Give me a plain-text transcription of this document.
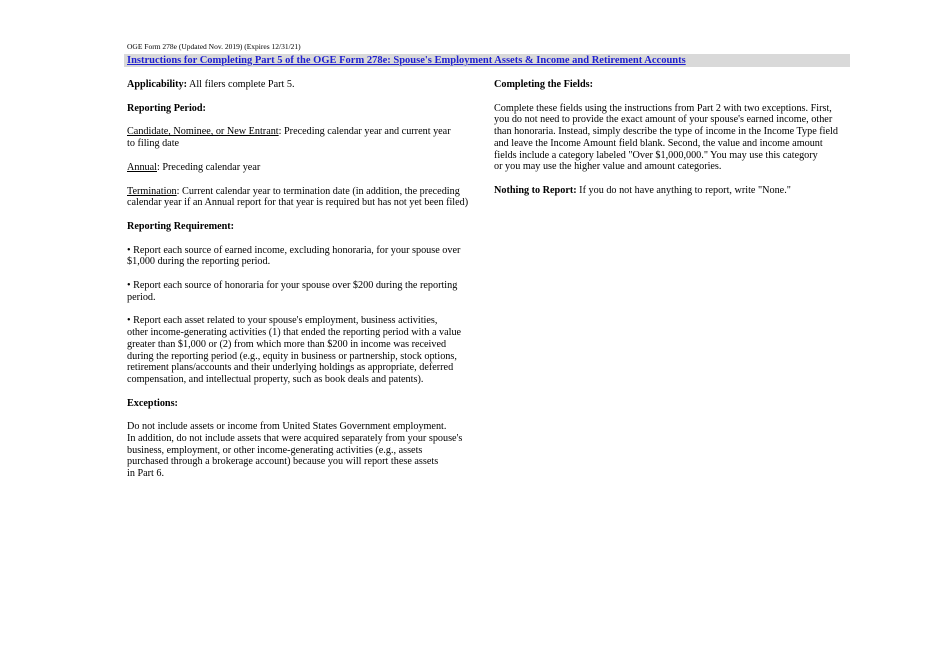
OGE Form 278e (Updated Nov. 2019) (Expires 12/31/21)
Instructions for Completing Part 5 of the OGE Form 278e: Spouse's Employment Assets & Income and Retirement Accounts

Applicability: All filers complete Part 5.

Reporting Period:

Candidate, Nominee, or New Entrant: Preceding calendar year and current year
to filing date

Annual: Preceding calendar year

Termination: Current calendar year to termination date (in addition, the preceding
calendar year if an Annual report for that year is required but has not yet been filed)

Reporting Requirement:

• Report each source of earned income, excluding honoraria, for your spouse over
$1,000 during the reporting period.

• Report each source of honoraria for your spouse over $200 during the reporting
period.

• Report each asset related to your spouse's employment, business activities,
other income-generating activities (1) that ended the reporting period with a value
greater than $1,000 or (2) from which more than $200 in income was received
during the reporting period (e.g., equity in business or partnership, stock options,
retirement plans/accounts and their underlying holdings as appropriate, deferred
compensation, and intellectual property, such as book deals and patents).

Exceptions:

Do not include assets or income from United States Government employment.
In addition, do not include assets that were acquired separately from your spouse's
business, employment, or other income-generating activities (e.g., assets
purchased through a brokerage account) because you will report these assets
in Part 6.

Completing the Fields:

Complete these fields using the instructions from Part 2 with two exceptions. First,
you do not need to provide the exact amount of your spouse's earned income, other
than honoraria. Instead, simply describe the type of income in the Income Type field
and leave the Income Amount field blank. Second, the value and income amount
fields include a category labeled "Over $1,000,000." You may use this category
or you may use the higher value and amount categories.

Nothing to Report: If you do not have anything to report, write "None."
